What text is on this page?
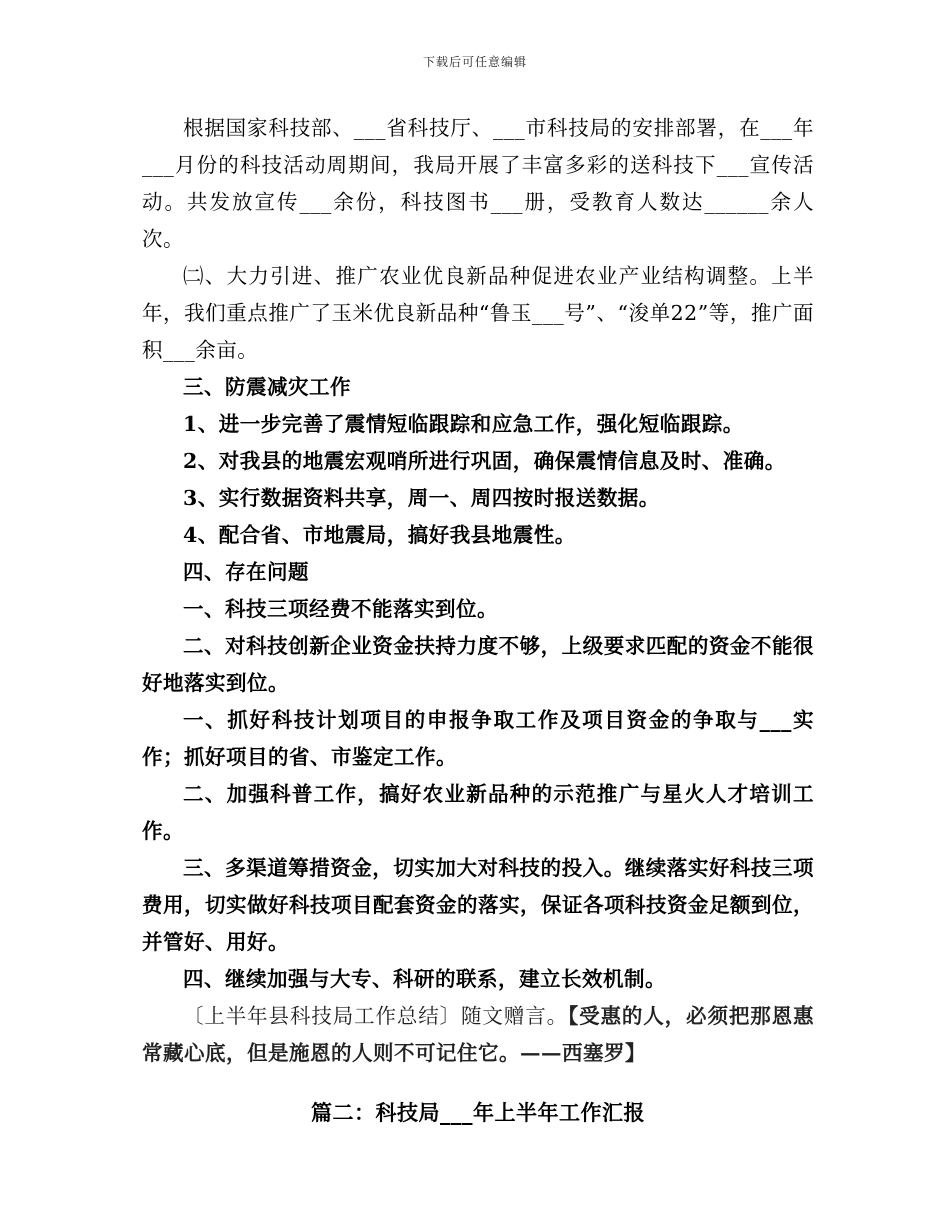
下载后可任意编辑

根据国家科技部、___省科技厅、___市科技局的安排部署，在___年___月份的科技活动周期间，我局开展了丰富多彩的送科技下___宣传活动。共发放宣传___余份，科技图书___册，受教育人数达______余人次。

㈡、大力引进、推广农业优良新品种促进农业产业结构调整。上半年，我们重点推广了玉米优良新品种“鲁玉___号”、“浚单22”等，推广面积___余亩。

三、防震减灾工作

1、进一步完善了震情短临跟踪和应急工作，强化短临跟踪。

2、对我县的地震宏观哨所进行巩固，确保震情信息及时、准确。

3、实行数据资料共享，周一、周四按时报送数据。

4、配合省、市地震局，搞好我县地震性。

四、存在问题

一、科技三项经费不能落实到位。

二、对科技创新企业资金扶持力度不够，上级要求匹配的资金不能很好地落实到位。

一、抓好科技计划项目的申报争取工作及项目资金的争取与___实作；抓好项目的省、市鉴定工作。

二、加强科普工作，搞好农业新品种的示范推广与星火人才培训工作。

三、多渠道筹措资金，切实加大对科技的投入。继续落实好科技三项费用，切实做好科技项目配套资金的落实，保证各项科技资金足额到位，并管好、用好。

四、继续加强与大专、科研的联系，建立长效机制。

〔上半年县科技局工作总结〕随文赠言。【受惠的人，必须把那恩惠常藏心底，但是施恩的人则不可记住它。——西塞罗】

篇二：科技局___年上半年工作汇报
